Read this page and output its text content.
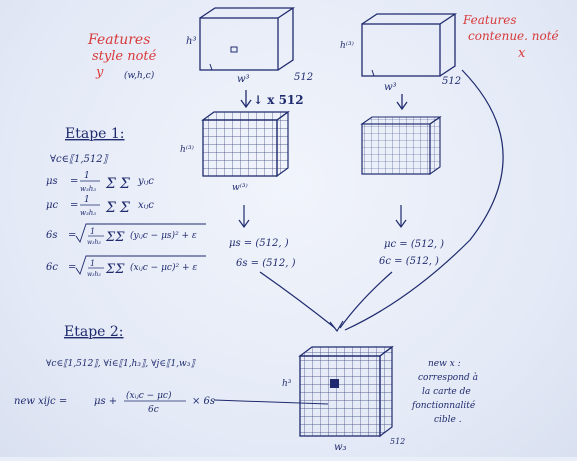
h³
w³	512
Features
style noté
y (w,h,c)
h⁽³⁾
w³
512
Features
contenue. noté
x
↓ x 512
h⁽³⁾
w⁽³⁾
μs = (512, )
6s = (512, )
μc = (512, )
6c = (512, )
Etape 1:
∀c∈⟦1,512⟧
μs = 1
w₃h₃ Σ Σ yᵢⱼc
μc = 1
w₃h₃ Σ Σ xᵢⱼc
6s = 1
w₃h₃ ΣΣ (yᵢⱼc − μs)² + ε
6c = 1
w₃h₃ ΣΣ (xᵢⱼc − μc)² + ε
Etape 2:
∀c∈⟦1,512⟧, ∀i∈⟦1,h₃⟧, ∀j∈⟦1,w₃⟧
new xijc =	μs + (xᵢⱼc − μc)
6c
× 6s
h³
w₃
512
new x :
correspond à
la carte de
fonctionnalité
cible .
